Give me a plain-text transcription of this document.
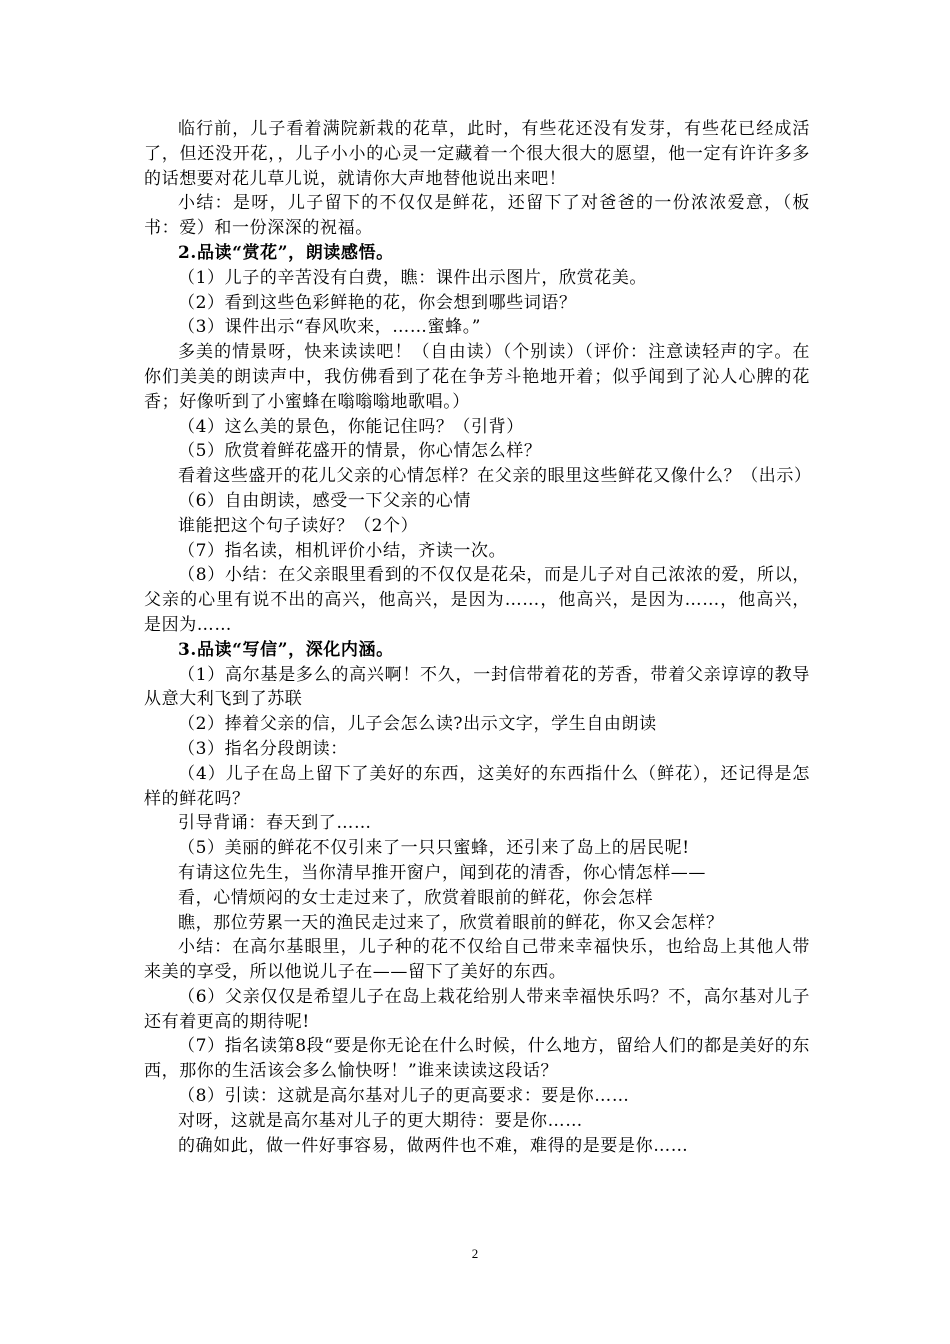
临行前，儿子看着满院新栽的花草，此时，有些花还没有发芽，有些花已经成活了，但还没开花，，儿子小小的心灵一定藏着一个很大很大的愿望，他一定有许许多多的话想要对花儿草儿说，就请你大声地替他说出来吧！

小结：是呀，儿子留下的不仅仅是鲜花，还留下了对爸爸的一份浓浓爱意，（板书：爱）和一份深深的祝福。

2.品读“赏花”，朗读感悟。

（1）儿子的辛苦没有白费，瞧：课件出示图片，欣赏花美。

（2）看到这些色彩鲜艳的花，你会想到哪些词语？

（3）课件出示“春风吹来，……蜜蜂。”

多美的情景呀，快来读读吧！（自由读）（个别读）（评价：注意读轻声的字。在你们美美的朗读声中，我仿佛看到了花在争芳斗艳地开着；似乎闻到了沁人心脾的花香；好像听到了小蜜蜂在嗡嗡嗡地歌唱。）

（4）这么美的景色，你能记住吗？（引背）

（5）欣赏着鲜花盛开的情景，你心情怎么样？

看着这些盛开的花儿父亲的心情怎样？在父亲的眼里这些鲜花又像什么？（出示）

（6）自由朗读，感受一下父亲的心情

谁能把这个句子读好？（2个）

（7）指名读，相机评价小结，齐读一次。

（8）小结：在父亲眼里看到的不仅仅是花朵，而是儿子对自己浓浓的爱，所以，父亲的心里有说不出的高兴，他高兴，是因为……，他高兴，是因为……，他高兴，是因为……

3.品读“写信”，深化内涵。

（1）高尔基是多么的高兴啊！不久，一封信带着花的芳香，带着父亲谆谆的教导从意大利飞到了苏联

（2）捧着父亲的信，儿子会怎么读?出示文字，学生自由朗读

（3）指名分段朗读：

（4）儿子在岛上留下了美好的东西，这美好的东西指什么（鲜花），还记得是怎样的鲜花吗？

引导背诵：春天到了……

（5）美丽的鲜花不仅引来了一只只蜜蜂，还引来了岛上的居民呢!

有请这位先生，当你清早推开窗户，闻到花的清香，你心情怎样——

看，心情烦闷的女士走过来了，欣赏着眼前的鲜花，你会怎样

瞧，那位劳累一天的渔民走过来了，欣赏着眼前的鲜花，你又会怎样？

小结：在高尔基眼里，儿子种的花不仅给自己带来幸福快乐，也给岛上其他人带来美的享受，所以他说儿子在——留下了美好的东西。

（6）父亲仅仅是希望儿子在岛上栽花给别人带来幸福快乐吗？不，高尔基对儿子还有着更高的期待呢!

（7）指名读第8段“要是你无论在什么时候，什么地方，留给人们的都是美好的东西，那你的生活该会多么愉快呀！”谁来读读这段话？

（8）引读：这就是高尔基对儿子的更高要求：要是你……

对呀，这就是高尔基对儿子的更大期待：要是你……

的确如此，做一件好事容易，做两件也不难，难得的是要是你……

2
